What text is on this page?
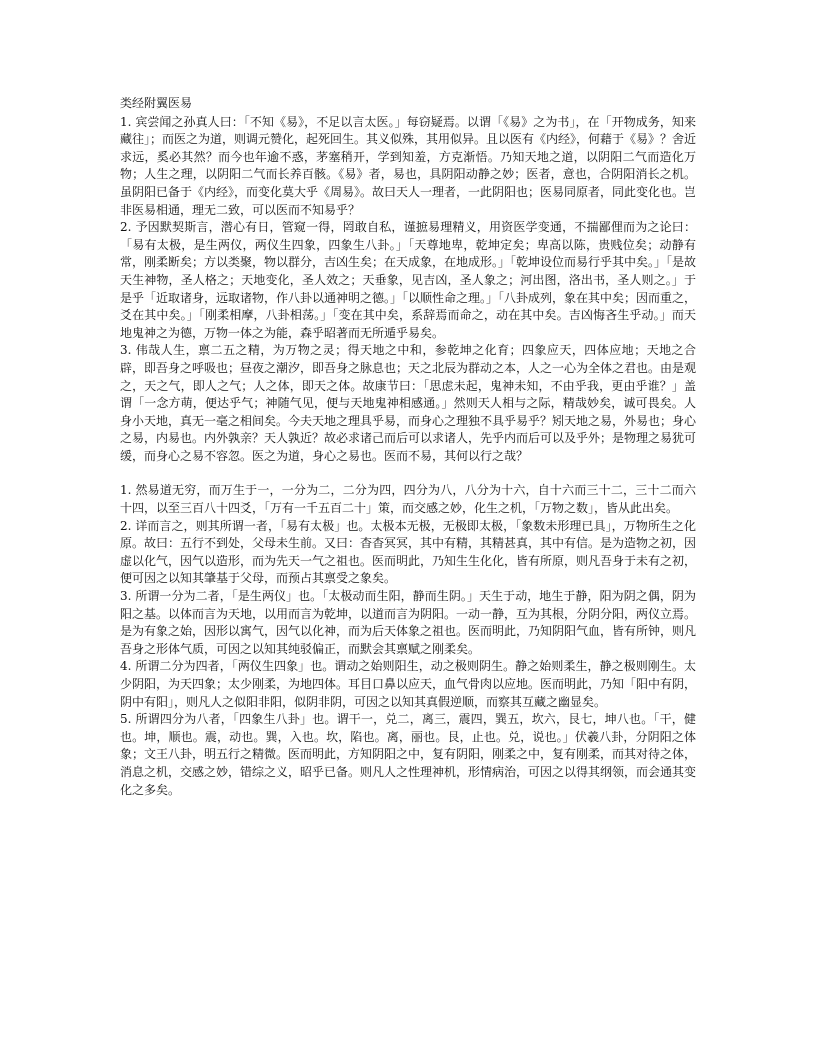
类经附翼医易

1. 宾尝闻之孙真人曰：「不知《易》，不足以言太医。」每窃疑焉。以谓「《易》之为书」，在「开物成务，知来藏往」；而医之为道，则调元赞化，起死回生。其义似殊，其用似异。且以医有《内经》，何藉于《易》？舍近求远，奚必其然？而今也年逾不惑，茅塞稍开，学到知羞，方克渐悟。乃知天地之道，以阴阳二气而造化万物；人生之理，以阴阳二气而长养百骸。《易》者，易也，具阴阳动静之妙；医者，意也，合阴阳消长之机。虽阴阳已备于《内经》，而变化莫大乎《周易》。故曰天人一理者，一此阴阳也；医易同原者，同此变化也。岂非医易相通，理无二致，可以医而不知易乎？

2. 予因默契斯言，潜心有日，管窥一得，罔敢自私，谨摭易理精义，用资医学变通，不揣鄙俚而为之论曰：「易有太极，是生两仪，两仪生四象，四象生八卦。」「天尊地卑，乾坤定矣；卑高以陈，贵贱位矣；动静有常，刚柔断矣；方以类聚，物以群分，吉凶生矣；在天成象，在地成形。」「乾坤设位而易行乎其中矣。」「是故天生神物，圣人格之；天地变化，圣人效之；天垂象，见吉凶，圣人象之；河出图，洛出书，圣人则之。」于是乎「近取诸身，远取诸物，作八卦以通神明之德。」「以顺性命之理。」「八卦成列，象在其中矣；因而重之，爻在其中矣。」「刚柔相摩，八卦相荡。」「变在其中矣，系辞焉而命之，动在其中矣。吉凶悔吝生乎动。」而天地鬼神之为德，万物一体之为能，森乎昭著而无所遁乎易矣。

3. 伟哉人生，禀二五之精，为万物之灵；得天地之中和，参乾坤之化育；四象应天，四体应地；天地之合辟，即吾身之呼吸也；昼夜之潮汐，即吾身之脉息也；天之北辰为群动之本，人之一心为全体之君也。由是观之，天之气，即人之气；人之体，即天之体。故康节曰：「思虑未起，鬼神未知，不由乎我，更由乎谁？」盖谓「一念方萌，便达乎气；神随气见，便与天地鬼神相感通。」然则天人相与之际，精哉妙矣，诚可畏矣。人身小天地，真无一毫之相间矣。今夫天地之理具乎易，而身心之理独不具乎易乎？矧天地之易，外易也；身心之易，内易也。内外孰亲？天人孰近？故必求诸己而后可以求诸人，先乎内而后可以及乎外；是物理之易犹可缓，而身心之易不容忽。医之为道，身心之易也。医而不易，其何以行之哉？

1. 然易道无穷，而万生于一，一分为二，二分为四，四分为八，八分为十六，自十六而三十二，三十二而六十四，以至三百八十四爻，「万有一千五百二十」策，而交感之妙，化生之机，「万物之数」，皆从此出矣。

2. 详而言之，则其所谓一者，「易有太极」也。太极本无极，无极即太极，「象数未形理已具」，万物所生之化原。故曰：五行不到处，父母未生前。又曰：杳杳冥冥，其中有精，其精甚真，其中有信。是为造物之初，因虚以化气，因气以造形，而为先天一气之祖也。医而明此，乃知生生化化，皆有所原，则凡吾身于未有之初，便可因之以知其肇基于父母，而预占其禀受之象矣。

3. 所谓一分为二者，「是生两仪」也。「太极动而生阳，静而生阴。」天生于动，地生于静，阳为阴之偶，阴为阳之基。以体而言为天地，以用而言为乾坤，以道而言为阴阳。一动一静，互为其根，分阴分阳，两仪立焉。是为有象之始，因形以寓气，因气以化神，而为后天体象之祖也。医而明此，乃知阴阳气血，皆有所钟，则凡吾身之形体气质，可因之以知其纯驳偏正，而默会其禀赋之刚柔矣。

4. 所谓二分为四者，「两仪生四象」也。谓动之始则阳生，动之极则阴生。静之始则柔生，静之极则刚生。太少阴阳，为天四象；太少刚柔，为地四体。耳目口鼻以应天，血气骨肉以应地。医而明此，乃知「阳中有阴，阴中有阳」，则凡人之似阳非阳，似阴非阴，可因之以知其真假逆顺，而察其互藏之幽显矣。

5. 所谓四分为八者，「四象生八卦」也。谓干一，兑二，离三，震四，巽五，坎六，艮七，坤八也。「干，健也。坤，顺也。震，动也。巽，入也。坎，陷也。离，丽也。艮，止也。兑，说也。」伏羲八卦，分阴阳之体象；文王八卦，明五行之精微。医而明此，方知阴阳之中，复有阴阳，刚柔之中，复有刚柔，而其对待之体，消息之机，交感之妙，错综之义，昭乎已备。则凡人之性理神机，形情病治，可因之以得其纲领，而会通其变化之多矣。
